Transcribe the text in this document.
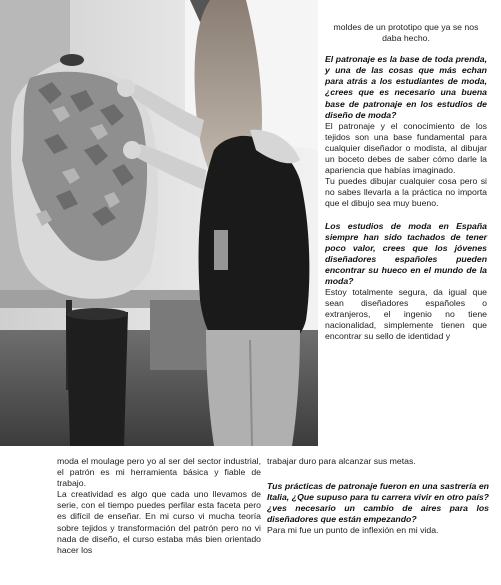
moldes de un prototipo que ya se nos daba hecho.

El patronaje es la base de toda prenda, y una de las cosas que más echan para atrás a los estudiantes de moda, ¿crees que es necesario una buena base de patronaje en los estudios de diseño de moda?

El patronaje y el conocimiento de los tejidos son una base fundamental para cualquier diseñador o modista, al dibujar un boceto debes de saber cómo darle la apariencia que habías imaginado.

Tu puedes dibujar cualquier cosa pero si no sabes llevarla a la práctica no importa que el dibujo sea muy bueno.

Los estudios de moda en España siempre han sido tachados de tener poco valor, crees que los jóvenes diseñadores españoles pueden encontrar su hueco en el mundo de la moda?

Estoy totalmente segura, da igual que sean diseñadores españoles o extranjeros, el ingenio no tiene nacionalidad, simplemente tienen que encontrar su sello de identidad y

moda el moulage pero yo al ser del sector industrial, el patrón es mi herramienta básica y fiable de trabajo.

La creatividad es algo que cada uno llevamos de serie, con el tiempo puedes perfilar esta faceta pero es difícil de enseñar. En mi curso vi mucha teoría sobre tejidos y transformación del patrón pero no vi nada de diseño, el curso estaba más bien orientado hacer los

trabajar duro para alcanzar sus metas.

Tus prácticas de patronaje fueron en una sastrería en Italia, ¿Que supuso para tu carrera vivir en otro país? ¿ves necesario un cambio de aires para los diseñadores que están empezando?

Para mi fue un punto de inflexión en mi vida.
